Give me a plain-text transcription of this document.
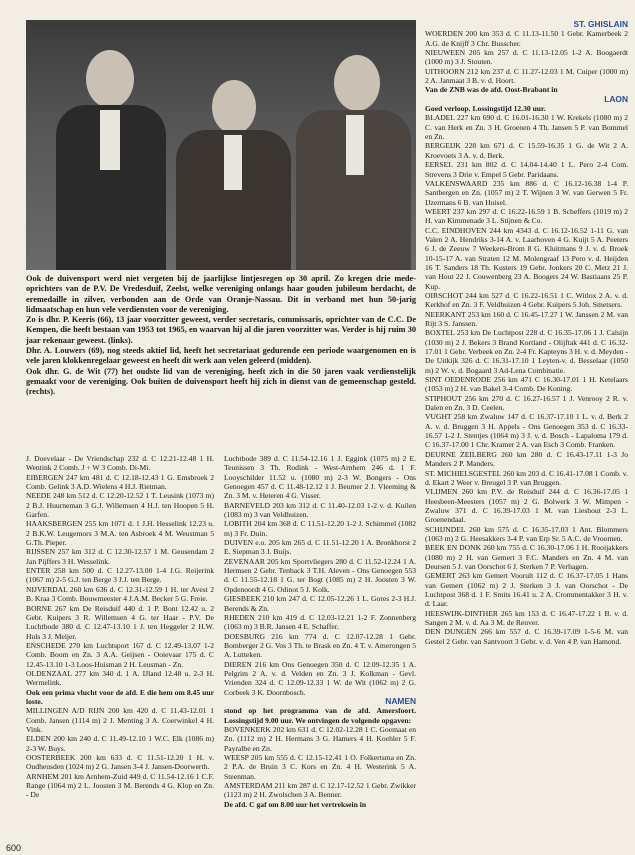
Ook de duivensport werd niet vergeten bij de jaarlijkse lintjesregen op 30 april. Zo kregen drie mede-oprichters van de P.V. De Vredesduif, Zeelst, welke vereniging onlangs haar gouden jubileum herdacht, de eremedaille in zilver, verbonden aan de Orde van Oranje-Nassau. Dit in verband met hun 50-jarig lidmaatschap en hun vele verdiensten voor de vereniging.

Zo is dhr. P. Keeris (66), 13 jaar voorzitter geweest, verder secretaris, commissaris, oprichter van de C.C. De Kempen, die heeft bestaan van 1953 tot 1965, en waarvan hij al die jaren voorzitter was. Verder is hij ruim 30 jaar rekenaar geweest. (links).

Dhr. A. Louwers (69), nog steeds aktief lid, heeft het secretariaat gedurende een periode waargenomen en is vele jaren klokkenregelaar geweest en heeft dit werk aan velen geleerd (midden).

Ook dhr. G. de Wit (77) het oudste lid van de vereniging, heeft zich in die 50 jaren vaak verdienstelijk gemaakt voor de vereniging. Ook buiten de duivensport heeft hij zich in dienst van de gemeenschap gesteld. (rechts).

J. Doevelaar - De Vriendschap 232 d. C 12.21-12.48 1 H. Wentink 2 Comb. J + W 3 Comb. Di-Mi.

EIBERGEN 247 km 481 d. C 12.18-12.43 1 G. Emsbroek 2 Comb. Gelink 3 A.D. Wielens 4 H.J. Rietman.

NEEDE 248 km 512 d. C 12.20-12.52 1 T. Leusink (1073 m) 2 B.J. Huurneman 3 G.J. Willemsen 4 H.J. ten Hoopen 5 H. Garfen.

HAAKSBERGEN 255 km 1071 d. 1 J.H. Hesselink 12.23 u. 2 B.K.W. Leugemors 3 M.A. ten Asbroek 4 M. Weustman 5 G.Th. Pieper.

RIJSSEN 257 km 312 d. C 12.30-12.57 1 M. Geusendam 2 Jan Pijffers 3 H. Wesselink.

ENTER 258 km 500 d. C 12.27-13.00 1-4 J.G. Reijerink (1067 m) 2-5 G.J. ten Berge 3 J.J. ten Berge.

NIJVERDAL 260 km 636 d. C 12.31-12.59 1 H. ter Avest 2 B. Kraa 3 Comb. Bouwmeester 4 J.A.M. Becker 5 G. Freie.

BORNE 267 km De Reisduif 440 d. 1 P. Bont 12.42 u. 2 Gebr. Kuipers 3 R. Willemsen 4 G. ter Haar - P.V. De Luchtbode 380 d. C 12.47-13.10 1 J. ten Heggeler 2 H.W. Huls 3 J. Meijer.

ENSCHEDE 270 km Luchtsport 167 d. C 12.49-13.07 1-2 Comb. Boom en Zn. 3 A.A. Geijsen - Ooievaar 175 d. C 12.45-13.10 1-3 Loos-Huisman 2 H. Leusman - Zn.

OLDENZAAL 277 km 340 d. 1 A. IJland 12.48 u. 2-3 H. Wermelink.

Ook een prima vlucht voor de afd. E die hem om 8.45 uur loste.

MILLINGEN A/D RIJN 200 km 420 d. C 11.43-12.01 1 Comb. Jansen (1114 m) 2 J. Menting 3 A. Coerwinkel 4 H. Vink.

ELDEN 200 km 240 d. C 11.49-12.10 1 W.C. Elk (1086 m) 2-3 W. Buys.

OOSTERBEEK 200 km 633 d. C 11.51-12.20 1 H. v. Oudheusden (1024 m) 2 G. Jansen 3-4 J. Jansen-Doorwerth.

ARNHEM 201 km Arnhem-Zuid 449 d. C 11.54-12.16 1 C.F. Range (1064 m) 2 L. Joosten 3 M. Berends 4 G. Klop en Zn. - De

Luchtbode 389 d. C 11.54-12.16 1 J. Eggink (1075 m) 2 E. Teunissen 3 Th. Rodink - West-Arnhem 246 d. 1 F. Looyschilder 11.52 u. (1080 m) 2-3 W. Bongers - Ons Genoegen 457 d. C 11.48-12.12 1 J. Beumer 2 J. Vleeming & Zn. 3 M. v. Heteren 4 G. Visser.

BARNEVELD 203 km 312 d. C 11.40-12.03 1-2 v. d. Kuilen (1083 m) 3 van Veldhuizen.

LOBITH 204 km 368 d. C 11.51-12.20 1-2 J. Schimmel (1082 m) 3 Fr. Duin.

DUIVEN e.o. 205 km 265 d. C 11.51-12.20 1 A. Bronkhorst 2 E. Siepman 3 J. Buijs.

ZEVENAAR 205 km Sportvliegers 280 d. C 11.52-12.24 1 A. Hermsen 2 Gebr. Tenback 3 T.H. Aleven - Ons Genoegen 553 d. C 11.55-12.18 1 G. ter Bogt (1085 m) 2 H. Joosten 3 W. Opdenoordt 4 G. Odinot 5 J. Kolk.

GIESBEEK 210 km 247 d. C 12.05-12.26 1 L. Gores 2-3 H.J. Berends & Zn.

RHEDEN 210 km 419 d. C 12.03-12.21 1-2 F. Zonnenberg (1063 m) 3 B.R. Jansen 4 E. Schaffer.

DOESBURG 216 km 774 d. C 12.07-12.28 1 Gebr. Bomberger 2 G. Vos 3 Th. te Brask en Zn. 4 T. v. Amerongen 5 A. Lutteken.

DIEREN 216 km Ons Genoegen 350 d. C 12.09-12.35 1 A. Pelgrim 2 A. v. d. Velden en Zn. 3 J. Kolkman - Gevl. Vrienden 324 d. C 12.09-12.33 1 W. de Wit (1062 m) 2 G. Corbeek 3 K. Doornbosch.

NAMEN

stond op het programma van de afd. Amersfoort. Lossingstijd 9.00 uur. We ontvingen de volgende opgaven:

BOVENKERK 202 km 631 d. C 12.02-12.28 1 C. Goemaat en Zn. (1112 m) 2 H. Hermans 3 G. Hamers 4 H. Koehler 5 F. Payralbe en Zn.

WEESP 205 km 555 d. C 12.15-12.41 1 O. Folkertsma en Zn. 2 P.A. de Bruin 3 C. Kors en Zn. 4 H. Westerink 5 A. Steenman.

AMSTERDAM 211 km 287 d. C 12.17-12.52 1 Gebr. Zwikker (1123 m) 2 H. Zwolschen 3 A. Benner.

De afd. C gaf om 8.00 uur het vertreksein in

ST. GHISLAIN

WOERDEN 200 km 353 d. C 11.13-11.50 1 Gebr. Kamerbeek 2 A.G. de Knijff 3 Chr. Busscher.

NIEUWEEN 205 km 257 d. C 11.13-12.05 1-2 A. Boogaerdt (1000 m) 3 J. Stouten.

UITHOORN 212 km 237 d. C 11.27-12.03 1 M. Cuiper (1000 m) 2 A. Janmaat 3 B. v. d. Hoort.

Van de ZNB was de afd. Oost-Brabant in

LAON

Goed verloop. Lossingstijd 12.30 uur.

BLADEL 227 km 690 d. C 16.01-16.30 1 W. Krekels (1080 m) 2 C. van Herk en Zn. 3 H. Groenen 4 Th. Jansen 5 P. van Bommel en Zn.

BERGEIJK 228 km 671 d. C 15.59-16.35 1 G. de Wit 2 A. Kroevoets 3 A. v. d. Berk.

EERSEL 231 km 802 d. C 14.04-14.40 1 L. Pero 2-4 Com. Strevens 3 Drie v. Empel 5 Gebr. Paridaans.

VALKENSWAARD 235 km 886 d. C 16.12-16.38 1-4 P. Santbergen en Zn. (1057 m) 2 T. Wijnen 3 W. van Gerwen 5 Fr. IJzermans 6 B. van Huisel.

WEERT 237 km 297 d. C 16.22-16.59 1 B. Scheffers (1019 m) 2 H. van Kimmenade 3 L. Stijnen & Co.

C.C. EINDHOVEN 244 km 4343 d. C 16.12-16.52 1-11 G. van Valen 2 A. Hendriks 3-14 A. v. Laarhoven 4 G. Kuijt 5 A. Peeters 6 J. de Zeeuw 7 Weekers-Brom 8 G. Kluitmans 9 J. v. d. Broek 10-15-17 A. van Straten 12 M. Molengraaf 13 Pero v. d. Heijden 16 T. Sanders 18 Th. Kusters 19 Gebr. Jonkers 20 C. Metz 21 J. van Hout 22 J. Couwenberg 23 A. Boogers 24 W. Bastiaans 25 P. Kup.

OIRSCHOT 244 km 527 d. C 16.22-16.51 1 C. Witlox 2 A. v. d. Kerkhof en Zn. 3 F. Veldhuizen 4 Gebr. Kuipers 5 Joh. Smetsers.

NEERKANT 253 km 160 d. C 16.45-17.27 1 W. Janssen 2 M. van Rijt 3 S. Janssen.

BOXTEL 253 km De Luchtpost 228 d. C 16.35-17.06 1 J. Calsijn (1030 m) 2 J. Bekers 3 Brand Kortland - Olijftak 441 d. C 16.32-17.01 1 Gebr. Verbeek en Zn. 2-4 Fr. Kapteyns 3 H. v. d. Meyden - De Uitkijk 326 d. C 16.31-17.10 1 Leyten-v. d. Besselaar (1050 m) 2 W. v. d. Bogaard 3 Ad-Lena Combinatie.

SINT OEDENRODE 256 km 471 C 16.30-17.01 1 H. Ketelaars (1053 m) 2 H. van Bakel 3-4 Comb. De Koning.

STIPHOUT 256 km 270 d. C 16.27-16.57 1 J. Venrooy 2 R. v. Dalen en Zn. 3 D. Ceelen.

VUGHT 258 km Zwaluw 147 d. C 16.37-17.10 1 L. v. d. Berk 2 A. v. d. Bruggen 3 H. Appels - Ons Genoegen 353 d. C 16.33-16.57 1-2 J. Stentjes (1064 m) 3 J. v. d. Bosch - Lapaloma 179 d. C 16.37-17.00 1 Chr. Kramer 2 A. van Esch 3 Comb. Franken.

DEURNE ZEILBERG 260 km 280 d. C 16.43-17.11 1-3 Jo Manders 2 P. Manders.

ST. MICHIELSGESTEL 260 km 203 d. C 16.41-17.08 1 Comb. v. d. Ekart 2 Weer v. Breugel 3 P. van Bruggen.

VLIJMEN 260 km P.V. de Reisduif 244 d. C 16.36-17.05 1 Heesbeen-Meesters (1057 m) 2 G. Bolwerk 3 W. Mimpen - Zwaluw 371 d. C 16.39-17.03 1 M. van Lieshout 2-3 L. Groenendaal.

SCHIJNDEL 260 km 575 d. C 16.35-17.03 1 Ant. Blommers (1063 m) 2 G. Heesakkers 3-4 P. van Erp Sr. 5 A.C. de Vroomen.

BEEK EN DONK 260 km 755 d. C 16.30-17.06 1 H. Rooijakkers (1080 m) 2 H. van Gemert 3 F.C. Manders en Zn. 4 M. van Deursen 5 J. van Oorschot 6 J. Sterken 7 P. Verhagen.

GEMERT 263 km Gemert Voorult 112 d. C 16.37-17.05 1 Hans van Gemert (1062 m) 2 J. Sterken 3 J. van Oorschot - De Luchtpost 368 d. 1 F. Smits 16.41 u. 2 A. Crommentakker 3 H. v. d. Laar.

HEESWIJK-DINTHER 265 km 153 d. C 16.47-17.22 1 B. v. d. Sangen 2 M. v. d. Aa 3 M. de Reuver.

DEN DUNGEN 266 km 557 d. C 16.39-17.09 1-5-6 M. van Gestel 2 Gebr. van Santvoort 3 Gebr. v. d. Ven 4 P. van Hamond.

600
